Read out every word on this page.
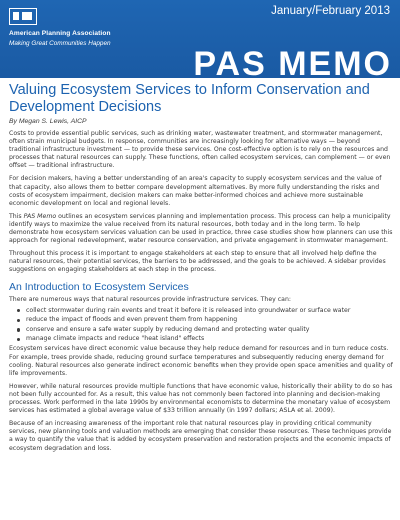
American Planning Association
Making Great Communities Happen
January/February 2013
PAS MEMO
Valuing Ecosystem Services to Inform Conservation and Development Decisions
By Megan S. Lewis, AICP

Costs to provide essential public services, such as drinking water, wastewater treatment, and stormwater management, often strain municipal budgets. In response, communities are increasingly looking for alternative ways — beyond traditional infrastructure investment — to provide these services. One cost-effective option is to rely on the resources and processes that natural resources can supply. These functions, often called ecosystem services, can complement — or even offset — traditional infrastructure.

For decision makers, having a better understanding of an area's capacity to supply ecosystem services and the value of that capacity, also allows them to better compare development alternatives. By more fully understanding the risks and costs of ecosystem impairment, decision makers can make better-informed choices and achieve more sustainable economic development on local and regional levels.

This PAS Memo outlines an ecosystem services planning and implementation process. This process can help a municipality identify ways to maximize the value received from its natural resources, both today and in the long term. To help demonstrate how ecosystem services valuation can be used in practice, three case studies show how planners can use this approach for regional redevelopment, water resource conservation, and private engagement in stormwater management.

Throughout this process it is important to engage stakeholders at each step to ensure that all involved help define the natural resources, their potential services, the barriers to be addressed, and the goals to be achieved. A sidebar provides suggestions on engaging stakeholders at each step in the process.

An Introduction to Ecosystem Services

There are numerous ways that natural resources provide infrastructure services. They can:

collect stormwater during rain events and treat it before it is released into groundwater or surface water
reduce the impact of floods and even prevent them from happening
conserve and ensure a safe water supply by reducing demand and protecting water quality
manage climate impacts and reduce "heat island" effects

Ecosystem services have direct economic value because they help reduce demand for resources and in turn reduce costs. For example, trees provide shade, reducing ground surface temperatures and subsequently reducing energy demand for cooling. Natural resources also generate indirect economic benefits when they provide open space amenities and quality of life improvements.

However, while natural resources provide multiple functions that have economic value, historically their ability to do so has not been fully accounted for. As a result, this value has not commonly been factored into planning and decision-making processes. Work performed in the late 1990s by environmental economists to determine the monetary value of ecosystem services has estimated a global average value of $33 trillion annually (in 1997 dollars; ASLA et al. 2009).

Because of an increasing awareness of the important role that natural resources play in providing critical community services, new planning tools and valuation methods are emerging that consider these resources. These techniques provide a way to quantify the value that is added by ecosystem preservation and restoration projects and the economic impacts of ecosystem degradation and loss.
